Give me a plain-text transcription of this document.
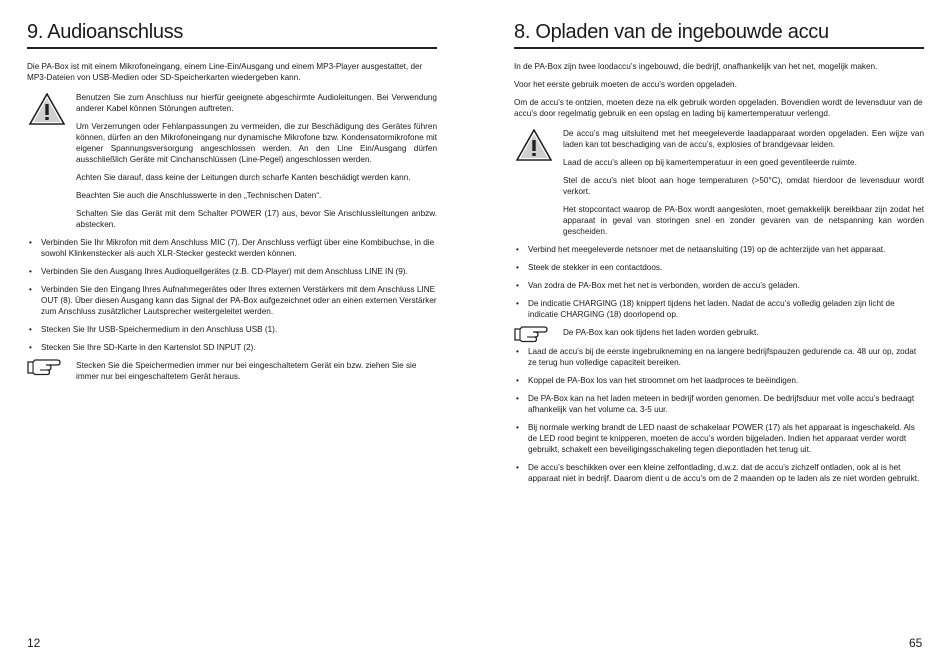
9. Audioanschluss

Die PA-Box ist mit einem Mikrofoneingang, einem Line-Ein/Ausgang und einem MP3-Player ausgestattet, der MP3-Dateien von USB-Medien oder SD-Speicherkarten wiedergeben kann.

Benutzen Sie zum Anschluss nur hierfür geeignete abgeschirmte Audioleitungen. Bei Verwendung anderer Kabel können Störungen auftreten.

Um Verzerrungen oder Fehlanpassungen zu vermeiden, die zur Beschädigung des Gerätes führen können, dürfen an den Mikrofoneingang nur dynamische Mikrofone bzw. Kondensatormikrofone mit eigener Spannungsversorgung angeschlossen werden. An den Line Ein/Ausgang dürfen ausschließlich Geräte mit Cinchanschlüssen (Line-Pegel) angeschlossen werden.

Achten Sie darauf, dass keine der Leitungen durch scharfe Kanten beschädigt werden kann.

Beachten Sie auch die Anschlusswerte in den „Technischen Daten“.

Schalten Sie das Gerät mit dem Schalter POWER (17) aus, bevor Sie Anschlussleitungen anbzw. abstecken.

• Verbinden Sie Ihr Mikrofon mit dem Anschluss MIC (7). Der Anschluss verfügt über eine Kombibuchse, in die sowohl Klinkenstecker als auch XLR-Stecker gesteckt werden können.
• Verbinden Sie den Ausgang Ihres Audioquellgerätes (z.B. CD-Player) mit dem Anschluss LINE IN (9).
• Verbinden Sie den Eingang Ihres Aufnahmegerätes oder Ihres externen Verstärkers mit dem Anschluss LINE OUT (8). Über diesen Ausgang kann das Signal der PA-Box aufgezeichnet oder an einen externen Verstärker zum Anschluss zusätzlicher Lautsprecher weitergeleitet werden.
• Stecken Sie Ihr USB-Speichermedium in den Anschluss USB (1).
• Stecken Sie Ihre SD-Karte in den Kartenslot SD INPUT (2).

Stecken Sie die Speichermedien immer nur bei eingeschaltetem Gerät ein bzw. ziehen Sie sie immer nur bei eingeschaltetem Gerät heraus.

12
8. Opladen van de ingebouwde accu

In de PA-Box zijn twee loodaccu’s ingebouwd, die bedrijf, onafhankelijk van het net, mogelijk maken.

Voor het eerste gebruik moeten de accu’s worden opgeladen.

Om de accu’s te ontzien, moeten deze na elk gebruik worden opgeladen. Bovendien wordt de levensduur van de accu’s door regelmatig gebruik en een opslag en lading bij kamertemperatuur verlengd.

De accu’s mag uitsluitend met het meegeleverde laadapparaat worden opgeladen. Een wijze van laden kan tot beschadiging van de accu’s, explosies of brandgevaar leiden.

Laad de accu’s alleen op bij kamertemperatuur in een goed geventileerde ruimte.

Stel de accu’s niet bloot aan hoge temperaturen (>50°C), omdat hierdoor de levensduur wordt verkort.

Het stopcontact waarop de PA-Box wordt aangesloten, moet gemakkelijk bereikbaar zijn zodat het apparaat in geval van storingen snel en zonder gevaren van de netspanning kan worden gescheiden.

• Verbind het meegeleverde netsnoer met de netaansluiting (19) op de achterzijde van het apparaat.
• Steek de stekker in een contactdoos.
• Van zodra de PA-Box met het net is verbonden, worden de accu’s geladen.
• De indicatie CHARGING (18) knippert tijdens het laden. Nadat de accu’s volledig geladen zijn licht de indicatie CHARGING (18) doorlopend op.

De PA-Box kan ook tijdens het laden worden gebruikt.

• Laad de accu’s bij de eerste ingebruikneming en na langere bedrijfspauzen gedurende ca. 48 uur op, zodat ze terug hun volledige capaciteit bereiken.
• Koppel de PA-Box los van het stroomnet om het laadproces te beëindigen.
• De PA-Box kan na het laden meteen in bedrijf worden genomen. De bedrijfsduur met volle accu’s bedraagt afhankelijk van het volume ca. 3-5 uur.
• Bij normale werking brandt de LED naast de schakelaar POWER (17) als het apparaat is ingeschakeld. Als de LED rood begint te knipperen, moeten de accu’s worden bijgeladen. Indien het apparaat verder wordt gebruikt, schakelt een beveiligingsschakeling tegen diepontladen het terug uit.
• De accu’s beschikken over een kleine zelfontlading, d.w.z. dat de accu’s zichzelf ontladen, ook al is het apparaat niet in bedrijf. Daarom dient u de accu’s om de 2 maanden op te laden als ze niet worden gebruikt.
65
